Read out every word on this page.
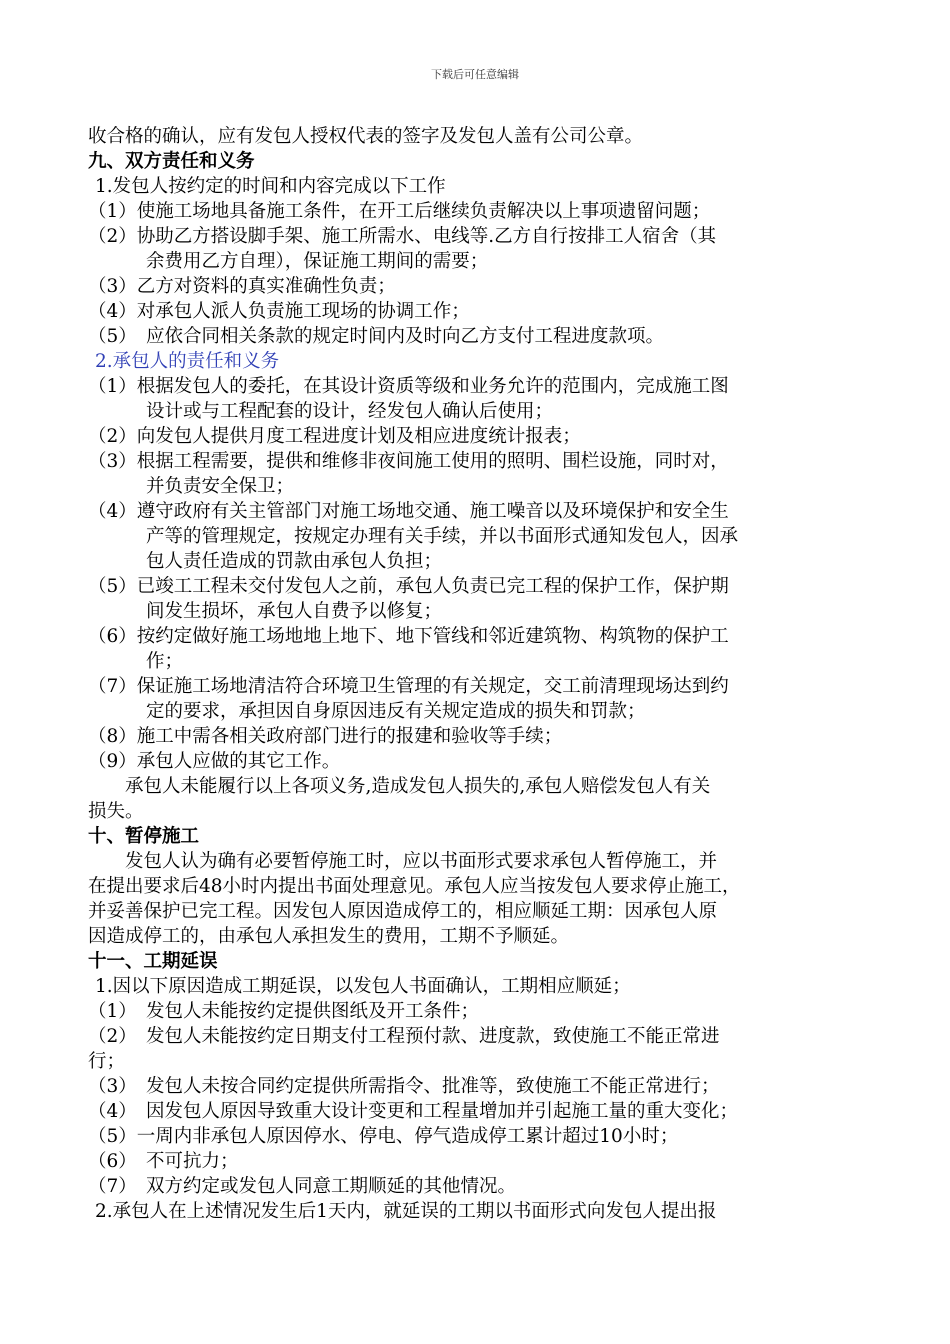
下载后可任意编辑
收合格的确认，应有发包人授权代表的签字及发包人盖有公司公章。
九、双方责任和义务
1.发包人按约定的时间和内容完成以下工作
（1）使施工场地具备施工条件，在开工后继续负责解决以上事项遗留问题；
（2）协助乙方搭设脚手架、施工所需水、电线等.乙方自行按排工人宿舍（其
余费用乙方自理），保证施工期间的需要；
（3）乙方对资料的真实准确性负责；
（4）对承包人派人负责施工现场的协调工作；
（5）　应依合同相关条款的规定时间内及时向乙方支付工程进度款项。
2.承包人的责任和义务
（1）根据发包人的委托，在其设计资质等级和业务允许的范围内，完成施工图
设计或与工程配套的设计，经发包人确认后使用；
（2）向发包人提供月度工程进度计划及相应进度统计报表；
（3）根据工程需要，提供和维修非夜间施工使用的照明、围栏设施，同时对，
并负责安全保卫；
（4）遵守政府有关主管部门对施工场地交通、施工噪音以及环境保护和安全生
产等的管理规定，按规定办理有关手续，并以书面形式通知发包人，因承
包人责任造成的罚款由承包人负担；
（5）已竣工工程未交付发包人之前，承包人负责已完工程的保护工作，保护期
间发生损坏，承包人自费予以修复；
（6）按约定做好施工场地地上地下、地下管线和邻近建筑物、构筑物的保护工
作；
（7）保证施工场地清洁符合环境卫生管理的有关规定，交工前清理现场达到约
定的要求，承担因自身原因违反有关规定造成的损失和罚款；
（8）施工中需各相关政府部门进行的报建和验收等手续；
（9）承包人应做的其它工作。
承包人未能履行以上各项义务,造成发包人损失的,承包人赔偿发包人有关
损失。
十、暂停施工
发包人认为确有必要暂停施工时，应以书面形式要求承包人暂停施工，并
在提出要求后48小时内提出书面处理意见。承包人应当按发包人要求停止施工，
并妥善保护已完工程。因发包人原因造成停工的，相应顺延工期：因承包人原
因造成停工的，由承包人承担发生的费用，工期不予顺延。
十一、工期延误
1.因以下原因造成工期延误，以发包人书面确认，工期相应顺延；
（1）　发包人未能按约定提供图纸及开工条件；
（2）　发包人未能按约定日期支付工程预付款、进度款，致使施工不能正常进
行；
（3）　发包人未按合同约定提供所需指令、批准等，致使施工不能正常进行；
（4）　因发包人原因导致重大设计变更和工程量增加并引起施工量的重大变化；
（5）一周内非承包人原因停水、停电、停气造成停工累计超过10小时；
（6）　不可抗力；
（7）　双方约定或发包人同意工期顺延的其他情况。
2.承包人在上述情况发生后1天内，就延误的工期以书面形式向发包人提出报
